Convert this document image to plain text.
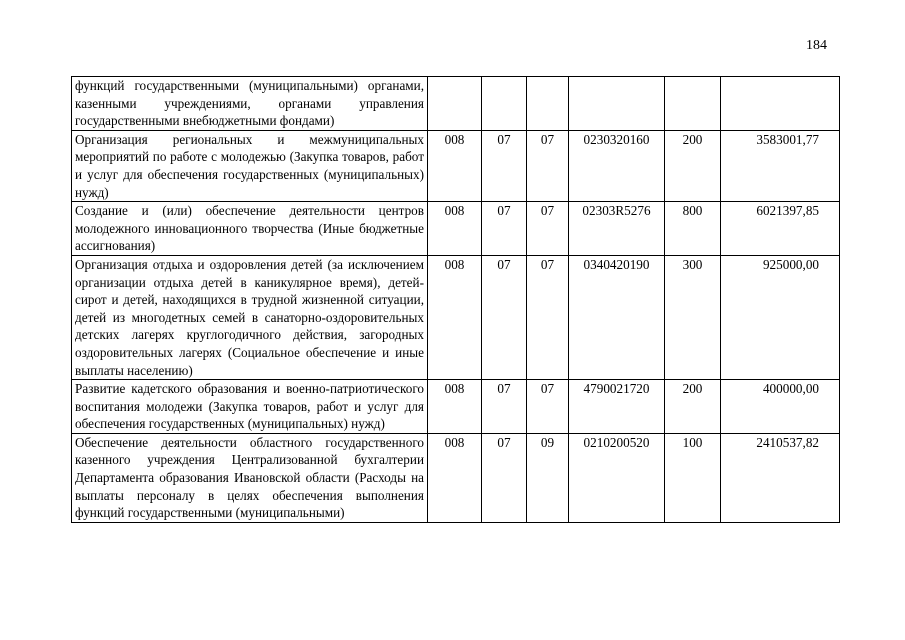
184
функций государственными (муниципальными) органами, казенными учреждениями, органами управления государственными внебюджетными фондами)						
Организация региональных и межмуниципальных мероприятий по работе с молодежью (Закупка товаров, работ и услуг для обеспечения государственных (муниципальных) нужд)	008	07	07	0230320160	200	3583001,77
Создание и (или) обеспечение деятельности центров молодежного инновационного творчества (Иные бюджетные ассигнования)	008	07	07	02303R5276	800	6021397,85
Организация отдыха и оздоровления детей (за исключением организации отдыха детей в каникулярное время), детей-сирот и детей, находящихся в трудной жизненной ситуации, детей из многодетных семей в санаторно-оздоровительных детских лагерях круглогодичного действия, загородных оздоровительных лагерях (Социальное обеспечение и иные выплаты населению)	008	07	07	0340420190	300	925000,00
Развитие кадетского образования и военно-патриотического воспитания молодежи (Закупка товаров, работ и услуг для обеспечения государственных (муниципальных) нужд)	008	07	07	4790021720	200	400000,00
Обеспечение деятельности областного государственного казенного учреждения Централизованной бухгалтерии Департамента образования Ивановской области (Расходы на выплаты персоналу в целях обеспечения выполнения функций государственными (муниципальными)	008	07	09	0210200520	100	2410537,82
